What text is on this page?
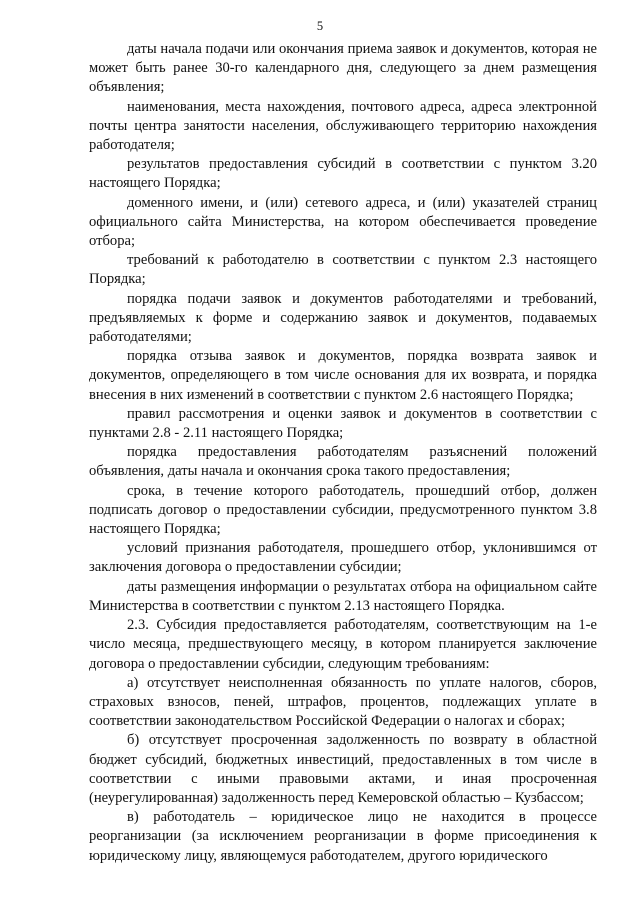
5

даты начала подачи или окончания приема заявок и документов, которая не может быть ранее 30-го календарного дня, следующего за днем размещения объявления;

наименования, места нахождения, почтового адреса, адреса электронной почты центра занятости населения, обслуживающего территорию нахождения работодателя;

результатов предоставления субсидий в соответствии с пунктом 3.20 настоящего Порядка;

доменного имени, и (или) сетевого адреса, и (или) указателей страниц официального сайта Министерства, на котором обеспечивается проведение отбора;

требований к работодателю в соответствии с пунктом 2.3 настоящего Порядка;

порядка подачи заявок и документов работодателями и требований, предъявляемых к форме и содержанию заявок и документов, подаваемых работодателями;

порядка отзыва заявок и документов, порядка возврата заявок и документов, определяющего в том числе основания для их возврата, и порядка внесения в них изменений в соответствии с пунктом 2.6 настоящего Порядка;

правил рассмотрения и оценки заявок и документов в соответствии с пунктами 2.8 - 2.11 настоящего Порядка;

порядка предоставления работодателям разъяснений положений объявления, даты начала и окончания срока такого предоставления;

срока, в течение которого работодатель, прошедший отбор, должен подписать договор о предоставлении субсидии, предусмотренного пунктом 3.8 настоящего Порядка;

условий признания работодателя, прошедшего отбор, уклонившимся от заключения договора о предоставлении субсидии;

даты размещения информации о результатах отбора на официальном сайте Министерства в соответствии с пунктом 2.13 настоящего Порядка.

2.3. Субсидия предоставляется работодателям, соответствующим на 1-е число месяца, предшествующего месяцу, в котором планируется заключение договора о предоставлении субсидии, следующим требованиям:

а) отсутствует неисполненная обязанность по уплате налогов, сборов, страховых взносов, пеней, штрафов, процентов, подлежащих уплате в соответствии законодательством Российской Федерации о налогах и сборах;

б) отсутствует просроченная задолженность по возврату в областной бюджет субсидий, бюджетных инвестиций, предоставленных в том числе в соответствии с иными правовыми актами, и иная просроченная (неурегулированная) задолженность перед Кемеровской областью – Кузбассом;

в) работодатель – юридическое лицо не находится в процессе реорганизации (за исключением реорганизации в форме присоединения к юридическому лицу, являющемуся работодателем, другого юридического
